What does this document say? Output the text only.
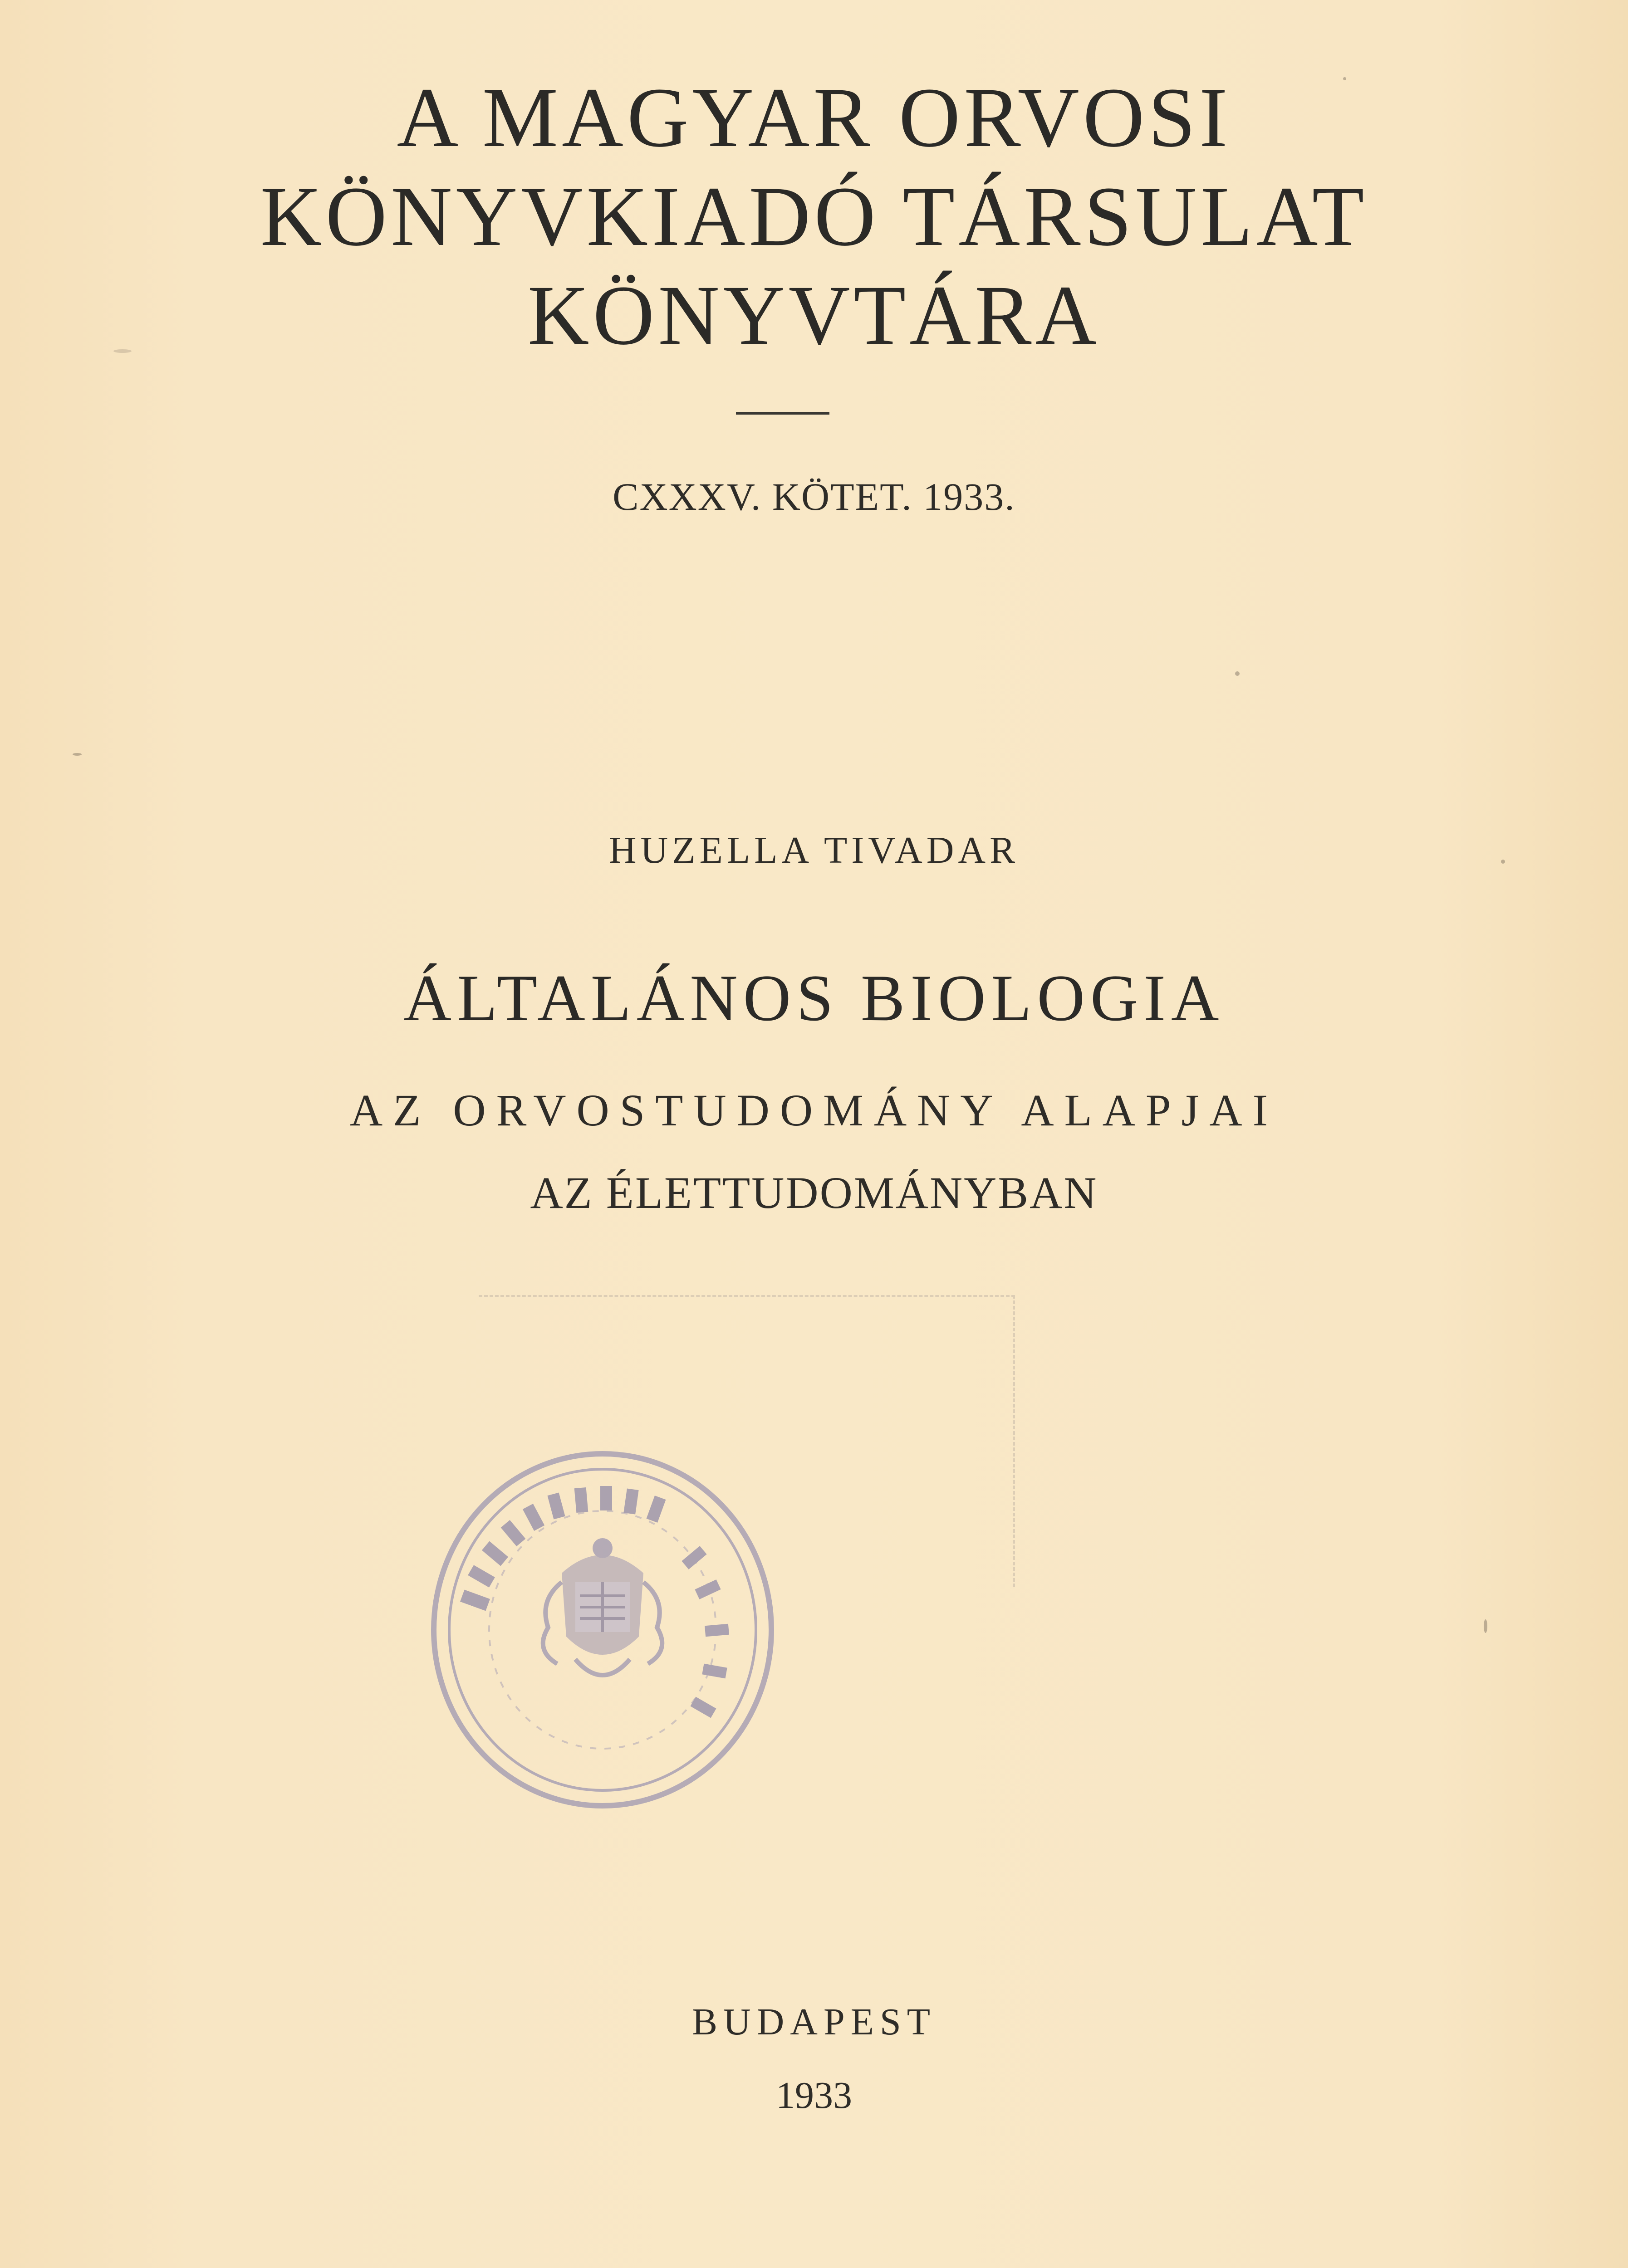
A MAGYAR ORVOSI
KÖNYVKIADÓ TÁRSULAT
KÖNYVTÁRA
CXXXV. KÖTET. 1933.
HUZELLA TIVADAR
ÁLTALÁNOS BIOLOGIA
AZ ORVOSTUDOMÁNY ALAPJAI
AZ ÉLETTUDOMÁNYBAN
BUDAPEST
1933
